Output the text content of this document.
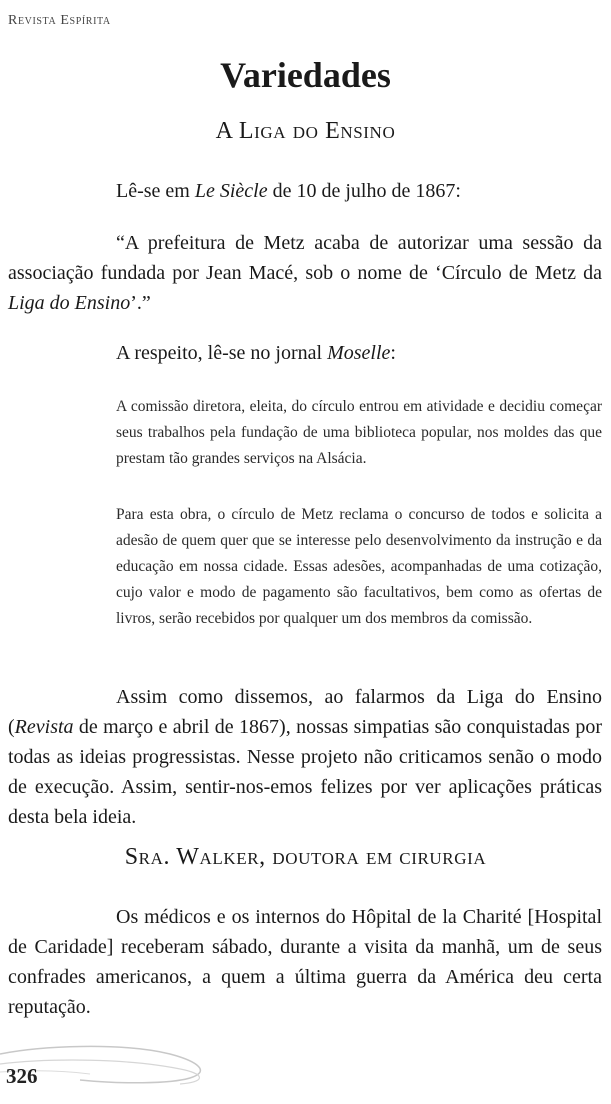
Revista Espírita
Variedades
A Liga do Ensino

Lê-se em Le Siècle de 10 de julho de 1867:

“A prefeitura de Metz acaba de autorizar uma sessão da associação fundada por Jean Macé, sob o nome de ‘Círculo de Metz da Liga do Ensino’.”

A respeito, lê-se no jornal Moselle:

A comissão diretora, eleita, do círculo entrou em atividade e decidiu começar seus trabalhos pela fundação de uma biblioteca popular, nos moldes das que prestam tão grandes serviços na Alsácia.

Para esta obra, o círculo de Metz reclama o concurso de todos e solicita a adesão de quem quer que se interesse pelo desenvolvimento da instrução e da educação em nossa cidade. Essas adesões, acompanhadas de uma cotização, cujo valor e modo de pagamento são facultativos, bem como as ofertas de livros, serão recebidos por qualquer um dos membros da comissão.

Assim como dissemos, ao falarmos da Liga do Ensino (Revista de março e abril de 1867), nossas simpatias são conquistadas por todas as ideias progressistas. Nesse projeto não criticamos senão o modo de execução. Assim, sentir-nos-emos felizes por ver aplicações práticas desta bela ideia.

Sra. Walker, doutora em cirurgia

Os médicos e os internos do Hôpital de la Charité [Hospital de Caridade] receberam sábado, durante a visita da manhã, um de seus confrades americanos, a quem a última guerra da América deu certa reputação.

326
